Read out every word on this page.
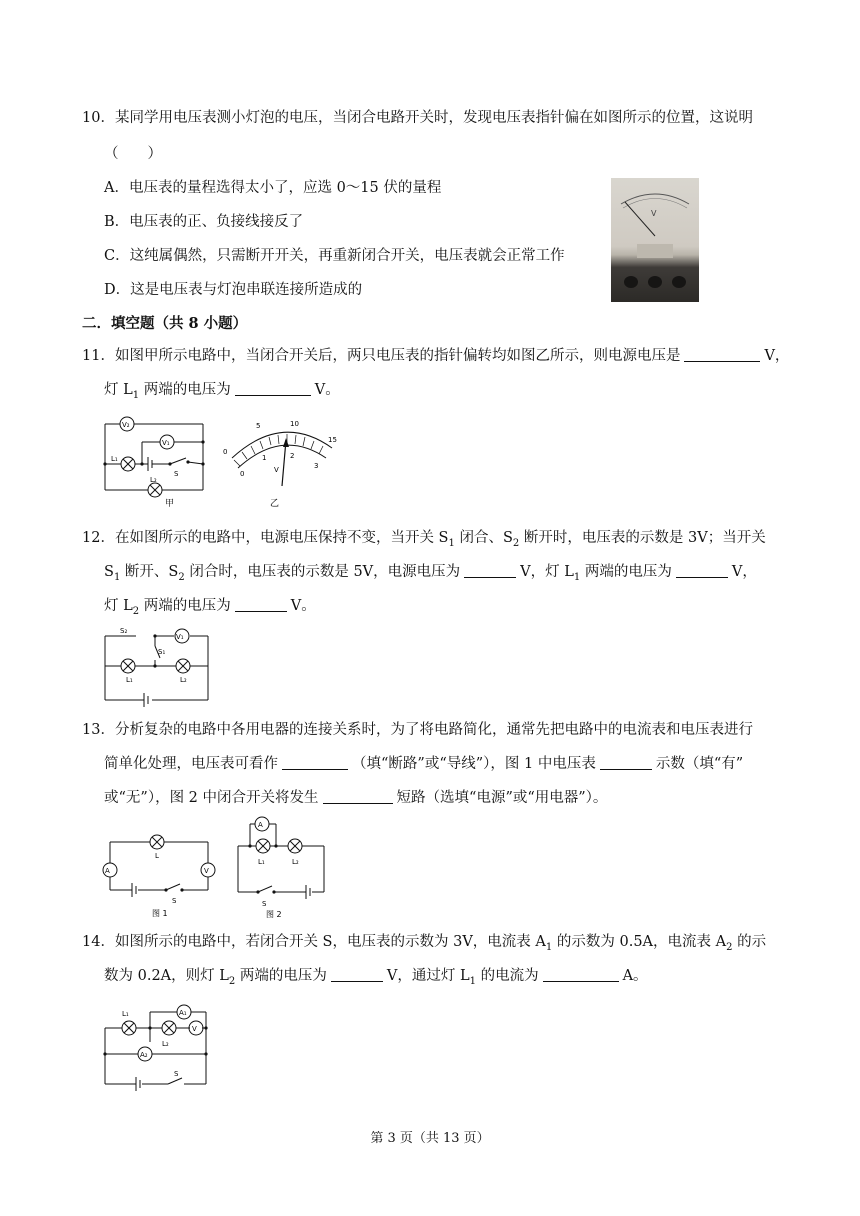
10．某同学用电压表测小灯泡的电压，当闭合电路开关时，发现电压表指针偏在如图所示的位置，这说明
（　　）
A．电压表的量程选得太小了，应选 0～15 伏的量程
B．电压表的正、负接线接反了
C．这纯属偶然，只需断开开关，再重新闭合开关，电压表就会正常工作
D．这是电压表与灯泡串联连接所造成的
V
二．填空题（共 8 小题）
11．如图甲所示电路中，当闭合开关后，两只电压表的指针偏转均如图乙所示，则电源电压是	V，
灯 $L_1$ 两端的电压为	V。
V₂
V₁
L₁
L₂
S
甲
0
5	10
15
0
1	2
3
V
乙
12．在如图所示的电路中，电源电压保持不变，当开关 $S_1$ 闭合、$S_2$ 断开时，电压表的示数是 3V；当开关
$S_1$ 断开、$S_2$ 闭合时，电压表的示数是 5V，电源电压为	V，灯 $L_1$ 两端的电压为	V，
灯 $L_2$ 两端的电压为	V。
S₂
V₁
S₁
L₁	L₂
13．分析复杂的电路中各用电器的连接关系时，为了将电路简化，通常先把电路中的电流表和电压表进行
简单化处理，电压表可看作	（填“断路”或“导线”），图 1 中电压表	示数（填“有”
或“无”），图 2 中闭合开关将发生	短路（选填“电源”或“用电器”）。
A	V
L
S
图 1
A
L₁	L₂
S
图 2
14．如图所示的电路中，若闭合开关 S，电压表的示数为 3V，电流表 $A_1$ 的示数为 0.5A，电流表 $A_2$ 的示
数为 0.2A，则灯 $L_2$ 两端的电压为	V，通过灯 $L_1$ 的电流为	A。
L₁	A₁
V
L₂
A₂
S
第 3 页（共 13 页）
